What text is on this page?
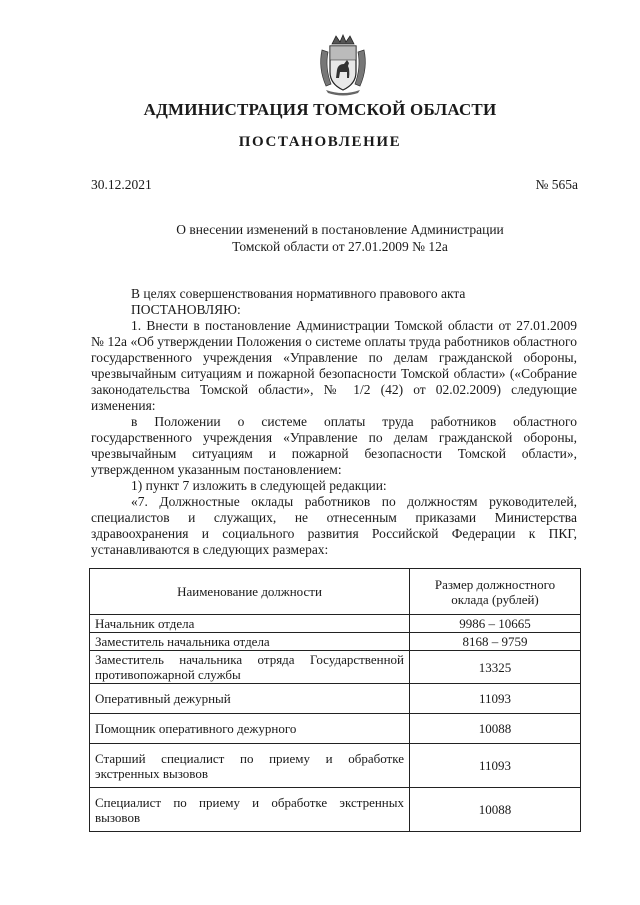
АДМИНИСТРАЦИЯ ТОМСКОЙ ОБЛАСТИ
ПОСТАНОВЛЕНИЕ
30.12.2021	№ 565а
О внесении изменений в постановление Администрации
Томской области от 27.01.2009 № 12а

В целях совершенствования нормативного правового акта

ПОСТАНОВЛЯЮ:

1. Внести в постановление Администрации Томской области от 27.01.2009 № 12а «Об утверждении Положения о системе оплаты труда работников областного государственного учреждения «Управление по делам гражданской обороны, чрезвычайным ситуациям и пожарной безопасности Томской области» («Собрание законодательства Томской области», № 1/2 (42) от 02.02.2009) следующие изменения:

в Положении о системе оплаты труда работников областного государственного учреждения «Управление по делам гражданской обороны, чрезвычайным ситуациям и пожарной безопасности Томской области», утвержденном указанным постановлением:

1) пункт 7 изложить в следующей редакции:

«7. Должностные оклады работников по должностям руководителей, специалистов и служащих, не отнесенным приказами Министерства здравоохранения и социального развития Российской Федерации к ПКГ, устанавливаются в следующих размерах:

Наименование должности	Размер должностного оклада (рублей)
Начальник отдела	9986 – 10665
Заместитель начальника отдела	8168 – 9759
Заместитель начальника отряда Государственной противопожарной службы	13325
Оперативный дежурный	11093
Помощник оперативного дежурного	10088
Старший специалист по приему и обработке экстренных вызовов	11093
Специалист по приему и обработке экстренных вызовов	10088
